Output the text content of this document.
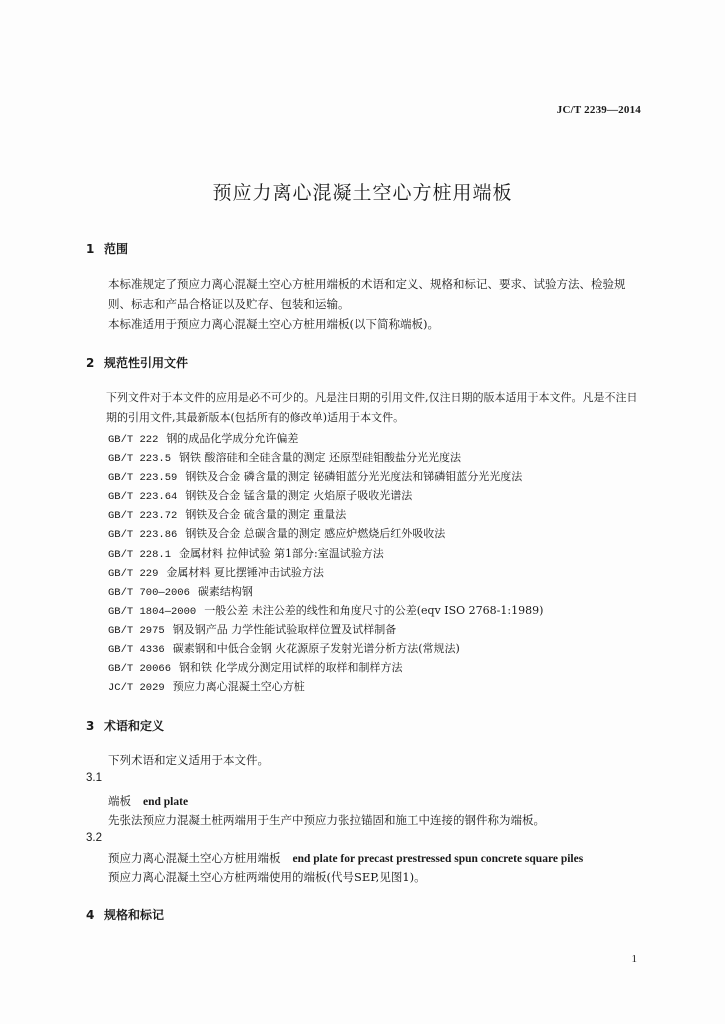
JC/T 2239—2014
预应力离心混凝土空心方桩用端板
1 范围
本标准规定了预应力离心混凝土空心方桩用端板的术语和定义、规格和标记、要求、试验方法、检验规则、标志和产品合格证以及贮存、包装和运输。
本标准适用于预应力离心混凝土空心方桩用端板(以下简称端板)。
2 规范性引用文件
下列文件对于本文件的应用是必不可少的。凡是注日期的引用文件,仅注日期的版本适用于本文件。凡是不注日期的引用文件,其最新版本(包括所有的修改单)适用于本文件。
GB/T 222 钢的成品化学成分允许偏差
GB/T 223.5 钢铁 酸溶硅和全硅含量的测定 还原型硅钼酸盐分光光度法
GB/T 223.59 钢铁及合金 磷含量的测定 铋磷钼蓝分光光度法和锑磷钼蓝分光光度法
GB/T 223.64 钢铁及合金 锰含量的测定 火焰原子吸收光谱法
GB/T 223.72 钢铁及合金 硫含量的测定 重量法
GB/T 223.86 钢铁及合金 总碳含量的测定 感应炉燃烧后红外吸收法
GB/T 228.1 金属材料 拉伸试验 第1部分:室温试验方法
GB/T 229 金属材料 夏比摆锤冲击试验方法
GB/T 700—2006 碳素结构钢
GB/T 1804—2000 一般公差 未注公差的线性和角度尺寸的公差(eqv ISO 2768-1:1989)
GB/T 2975 钢及钢产品 力学性能试验取样位置及试样制备
GB/T 4336 碳素钢和中低合金钢 火花源原子发射光谱分析方法(常规法)
GB/T 20066 钢和铁 化学成分测定用试样的取样和制样方法
JC/T 2029 预应力离心混凝土空心方桩
3 术语和定义
下列术语和定义适用于本文件。
3.1
端板 end plate
先张法预应力混凝土桩两端用于生产中预应力张拉锚固和施工中连接的钢件称为端板。
3.2
预应力离心混凝土空心方桩用端板 end plate for precast prestressed spun concrete square piles
预应力离心混凝土空心方桩两端使用的端板(代号SEP,见图1)。
4 规格和标记
1
